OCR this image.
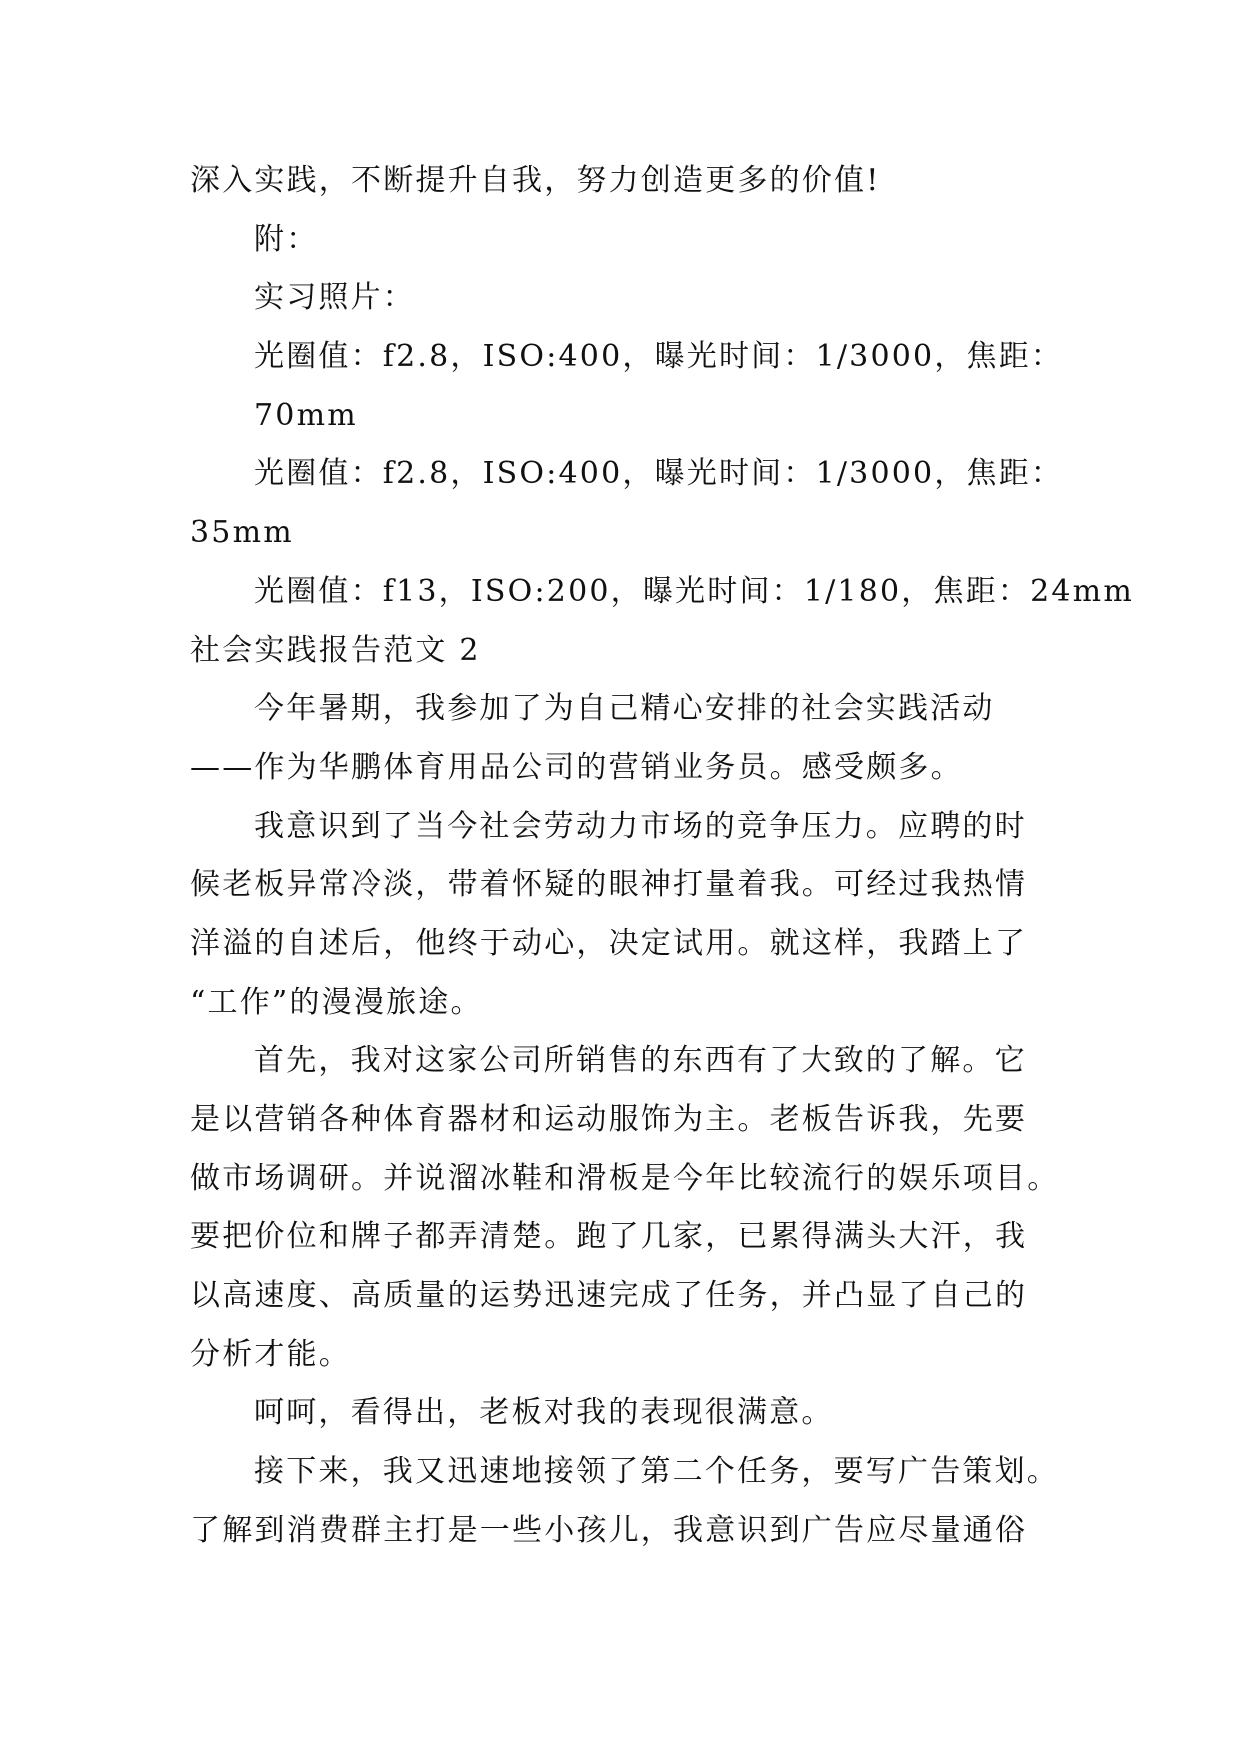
深入实践，不断提升自我，努力创造更多的价值!
附：
实习照片：
光圈值：f2.8，ISO:400，曝光时间：1/3000，焦距：
70mm
光圈值：f2.8，ISO:400，曝光时间：1/3000，焦距：
35mm
光圈值：f13，ISO:200，曝光时间：1/180，焦距：24mm
社会实践报告范文 2
今年暑期，我参加了为自己精心安排的社会实践活动
——作为华鹏体育用品公司的营销业务员。感受颇多。
我意识到了当今社会劳动力市场的竞争压力。应聘的时
候老板异常冷淡，带着怀疑的眼神打量着我。可经过我热情
洋溢的自述后，他终于动心，决定试用。就这样，我踏上了
“工作”的漫漫旅途。
首先，我对这家公司所销售的东西有了大致的了解。它
是以营销各种体育器材和运动服饰为主。老板告诉我，先要
做市场调研。并说溜冰鞋和滑板是今年比较流行的娱乐项目。
要把价位和牌子都弄清楚。跑了几家，已累得满头大汗，我
以高速度、高质量的运势迅速完成了任务，并凸显了自己的
分析才能。
呵呵，看得出，老板对我的表现很满意。
接下来，我又迅速地接领了第二个任务，要写广告策划。
了解到消费群主打是一些小孩儿，我意识到广告应尽量通俗
